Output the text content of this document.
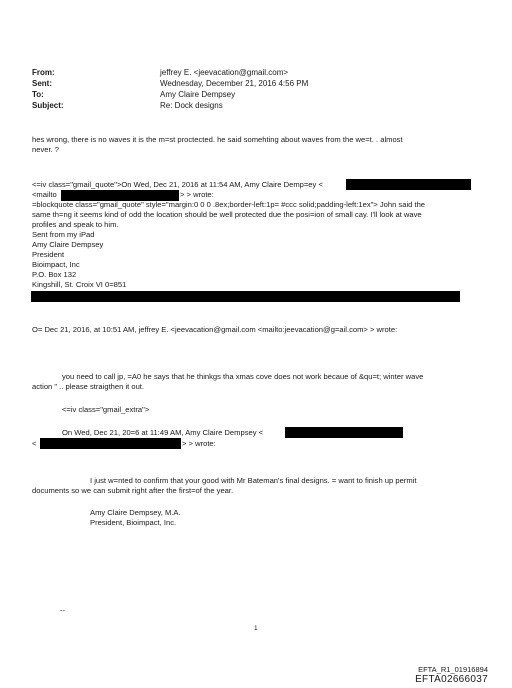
From:	jeffrey E. <jeevacation@gmail.com>
Sent:	Wednesday, December 21, 2016 4:56 PM
To:	Amy Claire Dempsey
Subject:	Re: Dock designs
hes wrong, there is no waves it is the m=st proctected. he said somehting about waves from the we=t. . almost
never. ?
<=iv class="gmail_quote">On Wed, Dec 21, 2016 at 11:54 AM, Amy Claire Demp=ey <
<mailto	> > wrote:
=blockquote class="gmail_quote" style="margin:0 0 0 .8ex;border-left:1p= #ccc solid;padding-left:1ex"> John said the
same th=ng it seems kind of odd the location should be well protected due the posi=ion of small cay. I'll look at wave
profiles and speak to him.
Sent from my iPad
Amy Claire Dempsey
President
Bioimpact, Inc
P.O. Box 132
Kingshill, St. Croix VI 0=851
O= Dec 21, 2016, at 10:51 AM, jeffrey E. <jeevacation@gmail.com <mailto:jeevacation@g=ail.com> > wrote:
you need to call jp, =A0 he says that he thinkgs tha xmas cove does not work becaue of &qu=t; winter wave
action " .. please straigthen it out.
<=iv class="gmail_extra">
On Wed, Dec 21, 20=6 at 11:49 AM, Amy Claire Dempsey <
<	> > wrote:
I just w=nted to confirm that your good with Mr Bateman's final designs. = want to finish up permit
documents so we can submit right after the first=of the year.
Amy Claire Dempsey, M.A.
President, Bioimpact, Inc.
--
1
EFTA_R1_01916894
EFTA02666037
